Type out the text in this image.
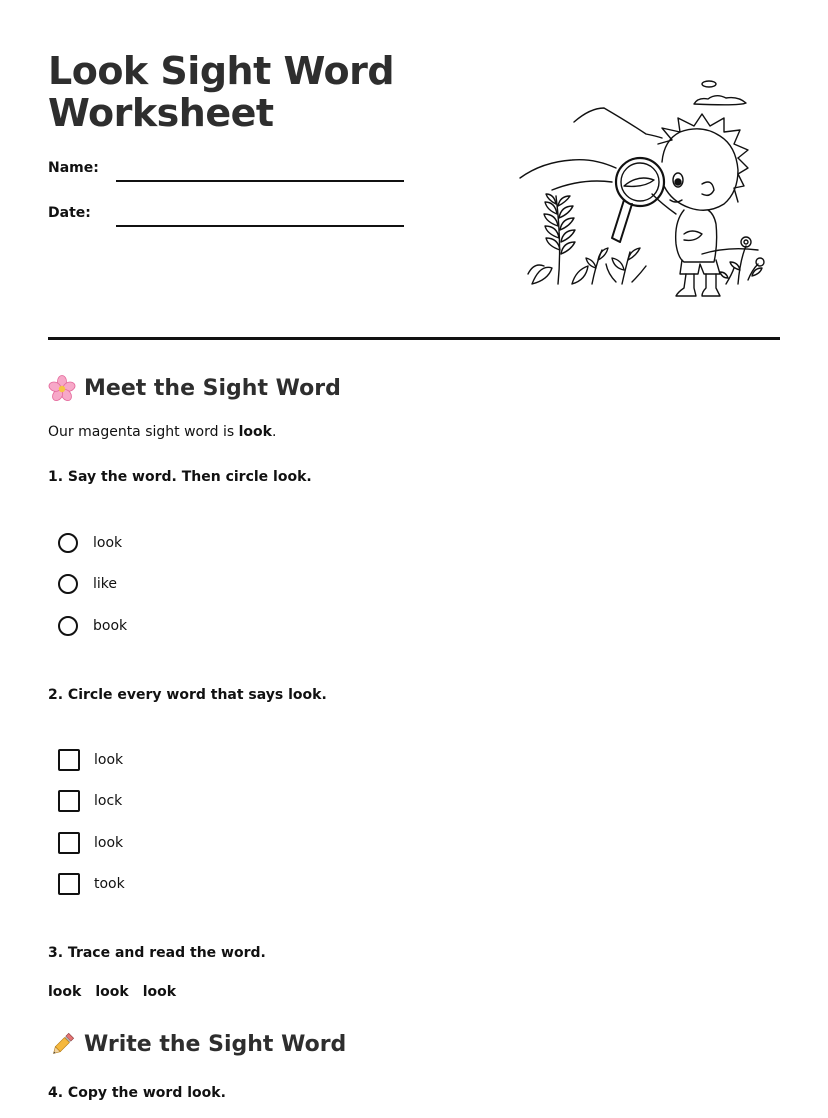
Look Sight Word Worksheet
Name:
Date:
Meet the Sight Word

Our magenta sight word is look.

1. Say the word. Then circle look.

look
like
book

2. Circle every word that says look.

look
lock
look
took

3. Trace and read the word.

look look look
Write the Sight Word

4. Copy the word look.
